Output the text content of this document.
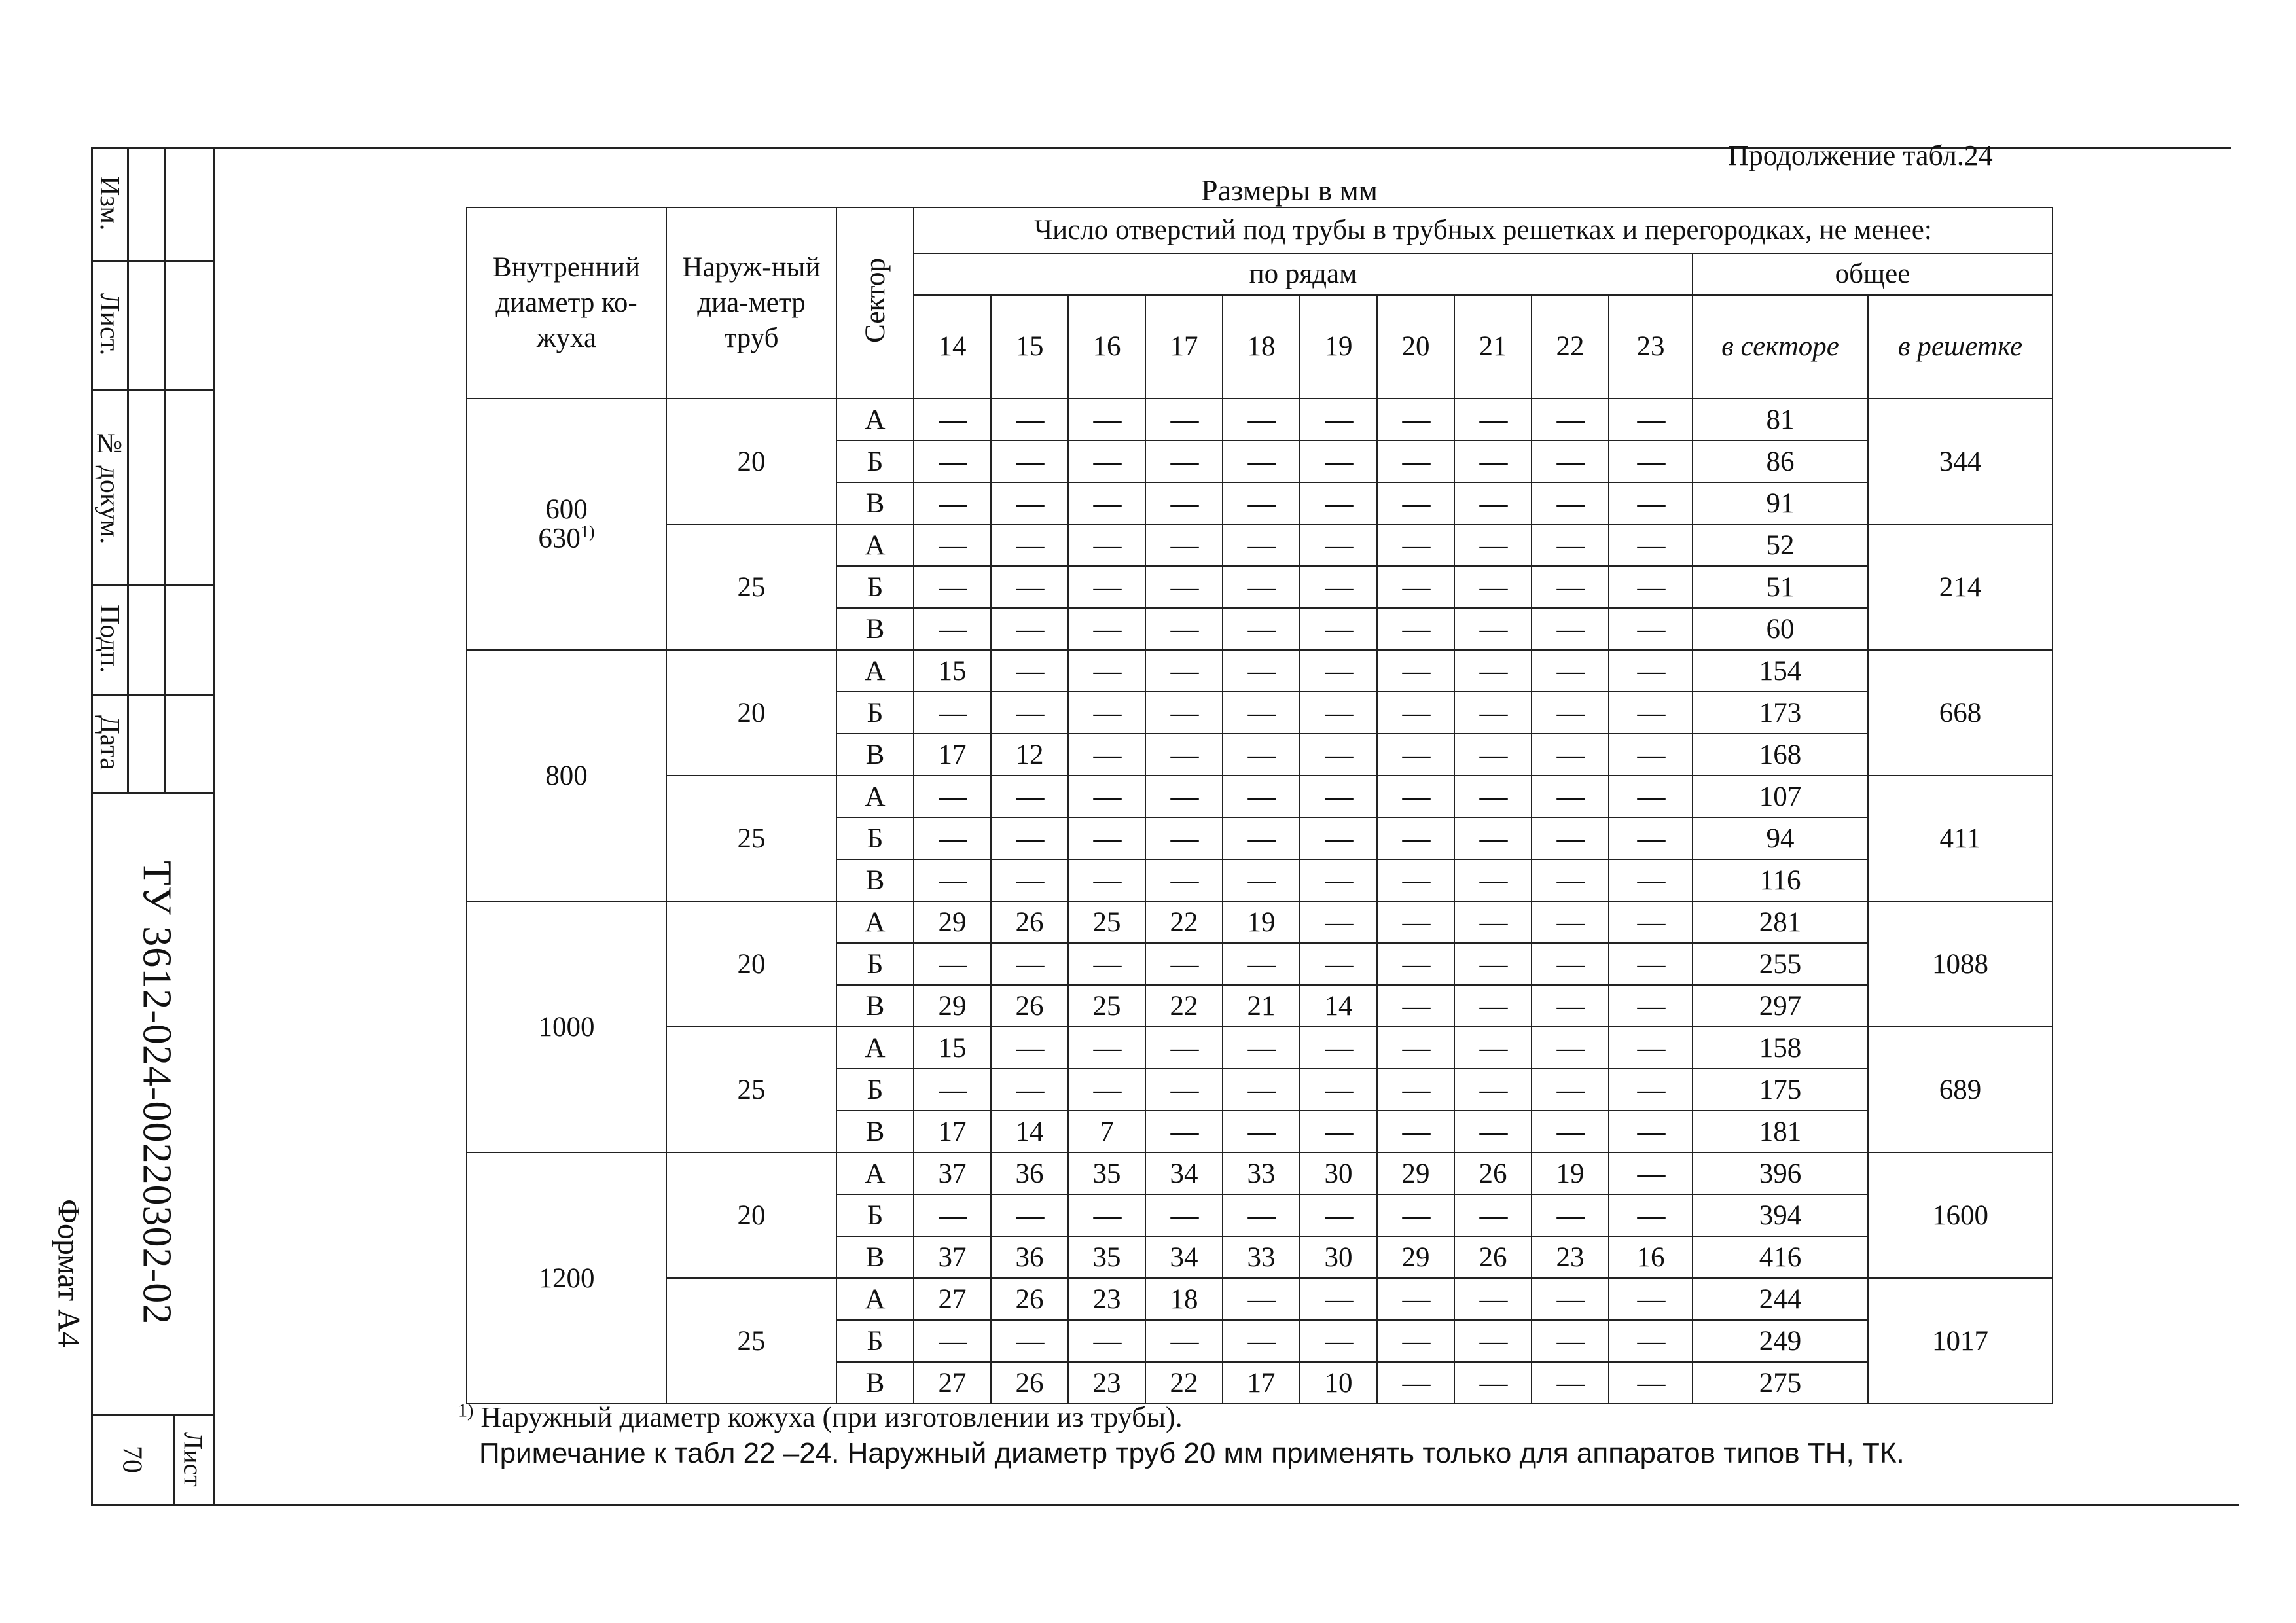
Изм.
Лист.
№ докум.
Подп.
Дата
ТУ 3612-024-00220302-02
Формат А4
70 Лист
Продолжение табл.24
Размеры в мм
Внутренний диаметр ко-жуха	Наруж-ный диа-метр труб	Сектор	Число отверстий под трубы в трубных решетках и перегородках, не менее:											
			по рядам										общее	
			14	15	16	17	18	19	20	21	22	23	в секторе	в решетке

600
630$^{1)}$	20	А	—	—	—	—	—	—	—	—	—	—	81	344
		Б	—	—	—	—	—	—	—	—	—	—	86	
		В	—	—	—	—	—	—	—	—	—	—	91	
	25	А	—	—	—	—	—	—	—	—	—	—	52	214
		Б	—	—	—	—	—	—	—	—	—	—	51	
		В	—	—	—	—	—	—	—	—	—	—	60	

800	20	А	15	—	—	—	—	—	—	—	—	—	154	668
		Б	—	—	—	—	—	—	—	—	—	—	173	
		В	17	12	—	—	—	—	—	—	—	—	168	
	25	А	—	—	—	—	—	—	—	—	—	—	107	411
		Б	—	—	—	—	—	—	—	—	—	—	94	
		В	—	—	—	—	—	—	—	—	—	—	116	

1000	20	А	29	26	25	22	19	—	—	—	—	—	281	1088
		Б	—	—	—	—	—	—	—	—	—	—	255	
		В	29	26	25	22	21	14	—	—	—	—	297	
	25	А	15	—	—	—	—	—	—	—	—	—	158	689
		Б	—	—	—	—	—	—	—	—	—	—	175	
		В	17	14	7	—	—	—	—	—	—	—	181	

1200	20	А	37	36	35	34	33	30	29	26	19	—	396	1600
		Б	—	—	—	—	—	—	—	—	—	—	394	
		В	37	36	35	34	33	30	29	26	23	16	416	
	25	А	27	26	23	18	—	—	—	—	—	—	244	1017
		Б	—	—	—	—	—	—	—	—	—	—	249	
		В	27	26	23	22	17	10	—	—	—	—	275	
$^{1)}$ Наружный диаметр кожуха (при изготовлении из трубы).
Примечание к табл 22 –24. Наружный диаметр труб 20 мм применять только для аппаратов типов ТН, ТК.
